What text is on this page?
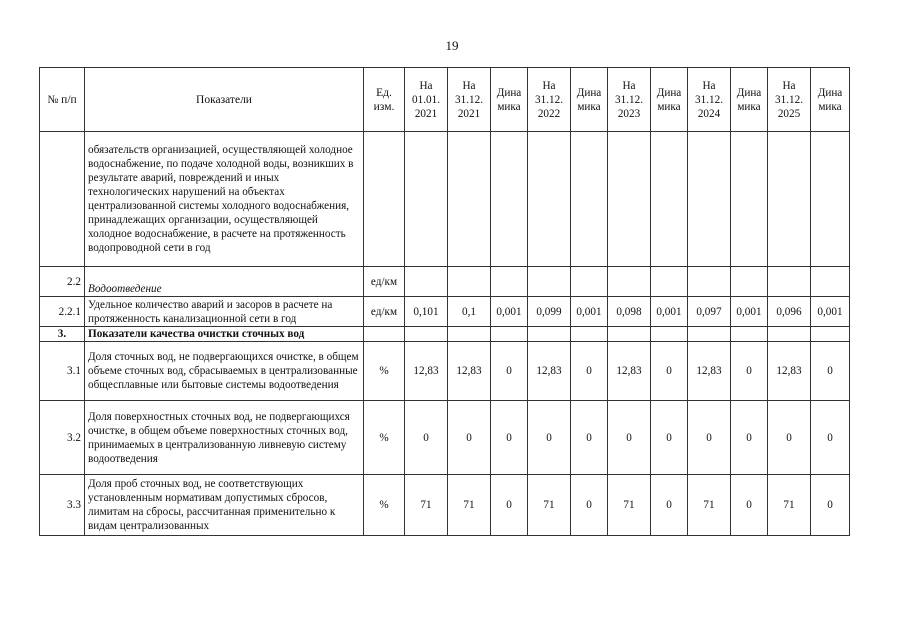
19
№ п/п	Показатели	Ед. изм.	На 01.01. 2021	На 31.12. 2021	Дина мика	На 31.12. 2022	Дина мика	На 31.12. 2023	Дина мика	На 31.12. 2024	Дина мика	На 31.12. 2025	Дина мика
	обязательств организацией, осуществляющей холодное водоснабжение, по подаче холодной воды, возникших в результате аварий, повреждений и иных технологических нарушений на объектах централизованной системы холодного водоснабжения, принадлежащих организации, осуществляющей холодное водоснабжение, в расчете на протяженность водопроводной сети в год												
2.2	Водоотведение	ед/км											
2.2.1	Удельное количество аварий и засоров в расчете на протяженность канализационной сети в год	ед/км	0,101	0,1	0,001	0,099	0,001	0,098	0,001	0,097	0,001	0,096	0,001
3.	Показатели качества очистки сточных вод												
3.1	Доля сточных вод, не подвергающихся очистке, в общем объеме сточных вод, сбрасываемых в централизованные общесплавные или бытовые системы водоотведения	%	12,83	12,83	0	12,83	0	12,83	0	12,83	0	12,83	0
3.2	Доля поверхностных сточных вод, не подвергающихся очистке, в общем объеме поверхностных сточных вод, принимаемых в централизованную ливневую систему водоотведения	%	0	0	0	0	0	0	0	0	0	0	0
3.3	Доля проб сточных вод, не соответствующих установленным нормативам допустимых сбросов, лимитам на сбросы, рассчитанная применительно к видам централизованных	%	71	71	0	71	0	71	0	71	0	71	0
